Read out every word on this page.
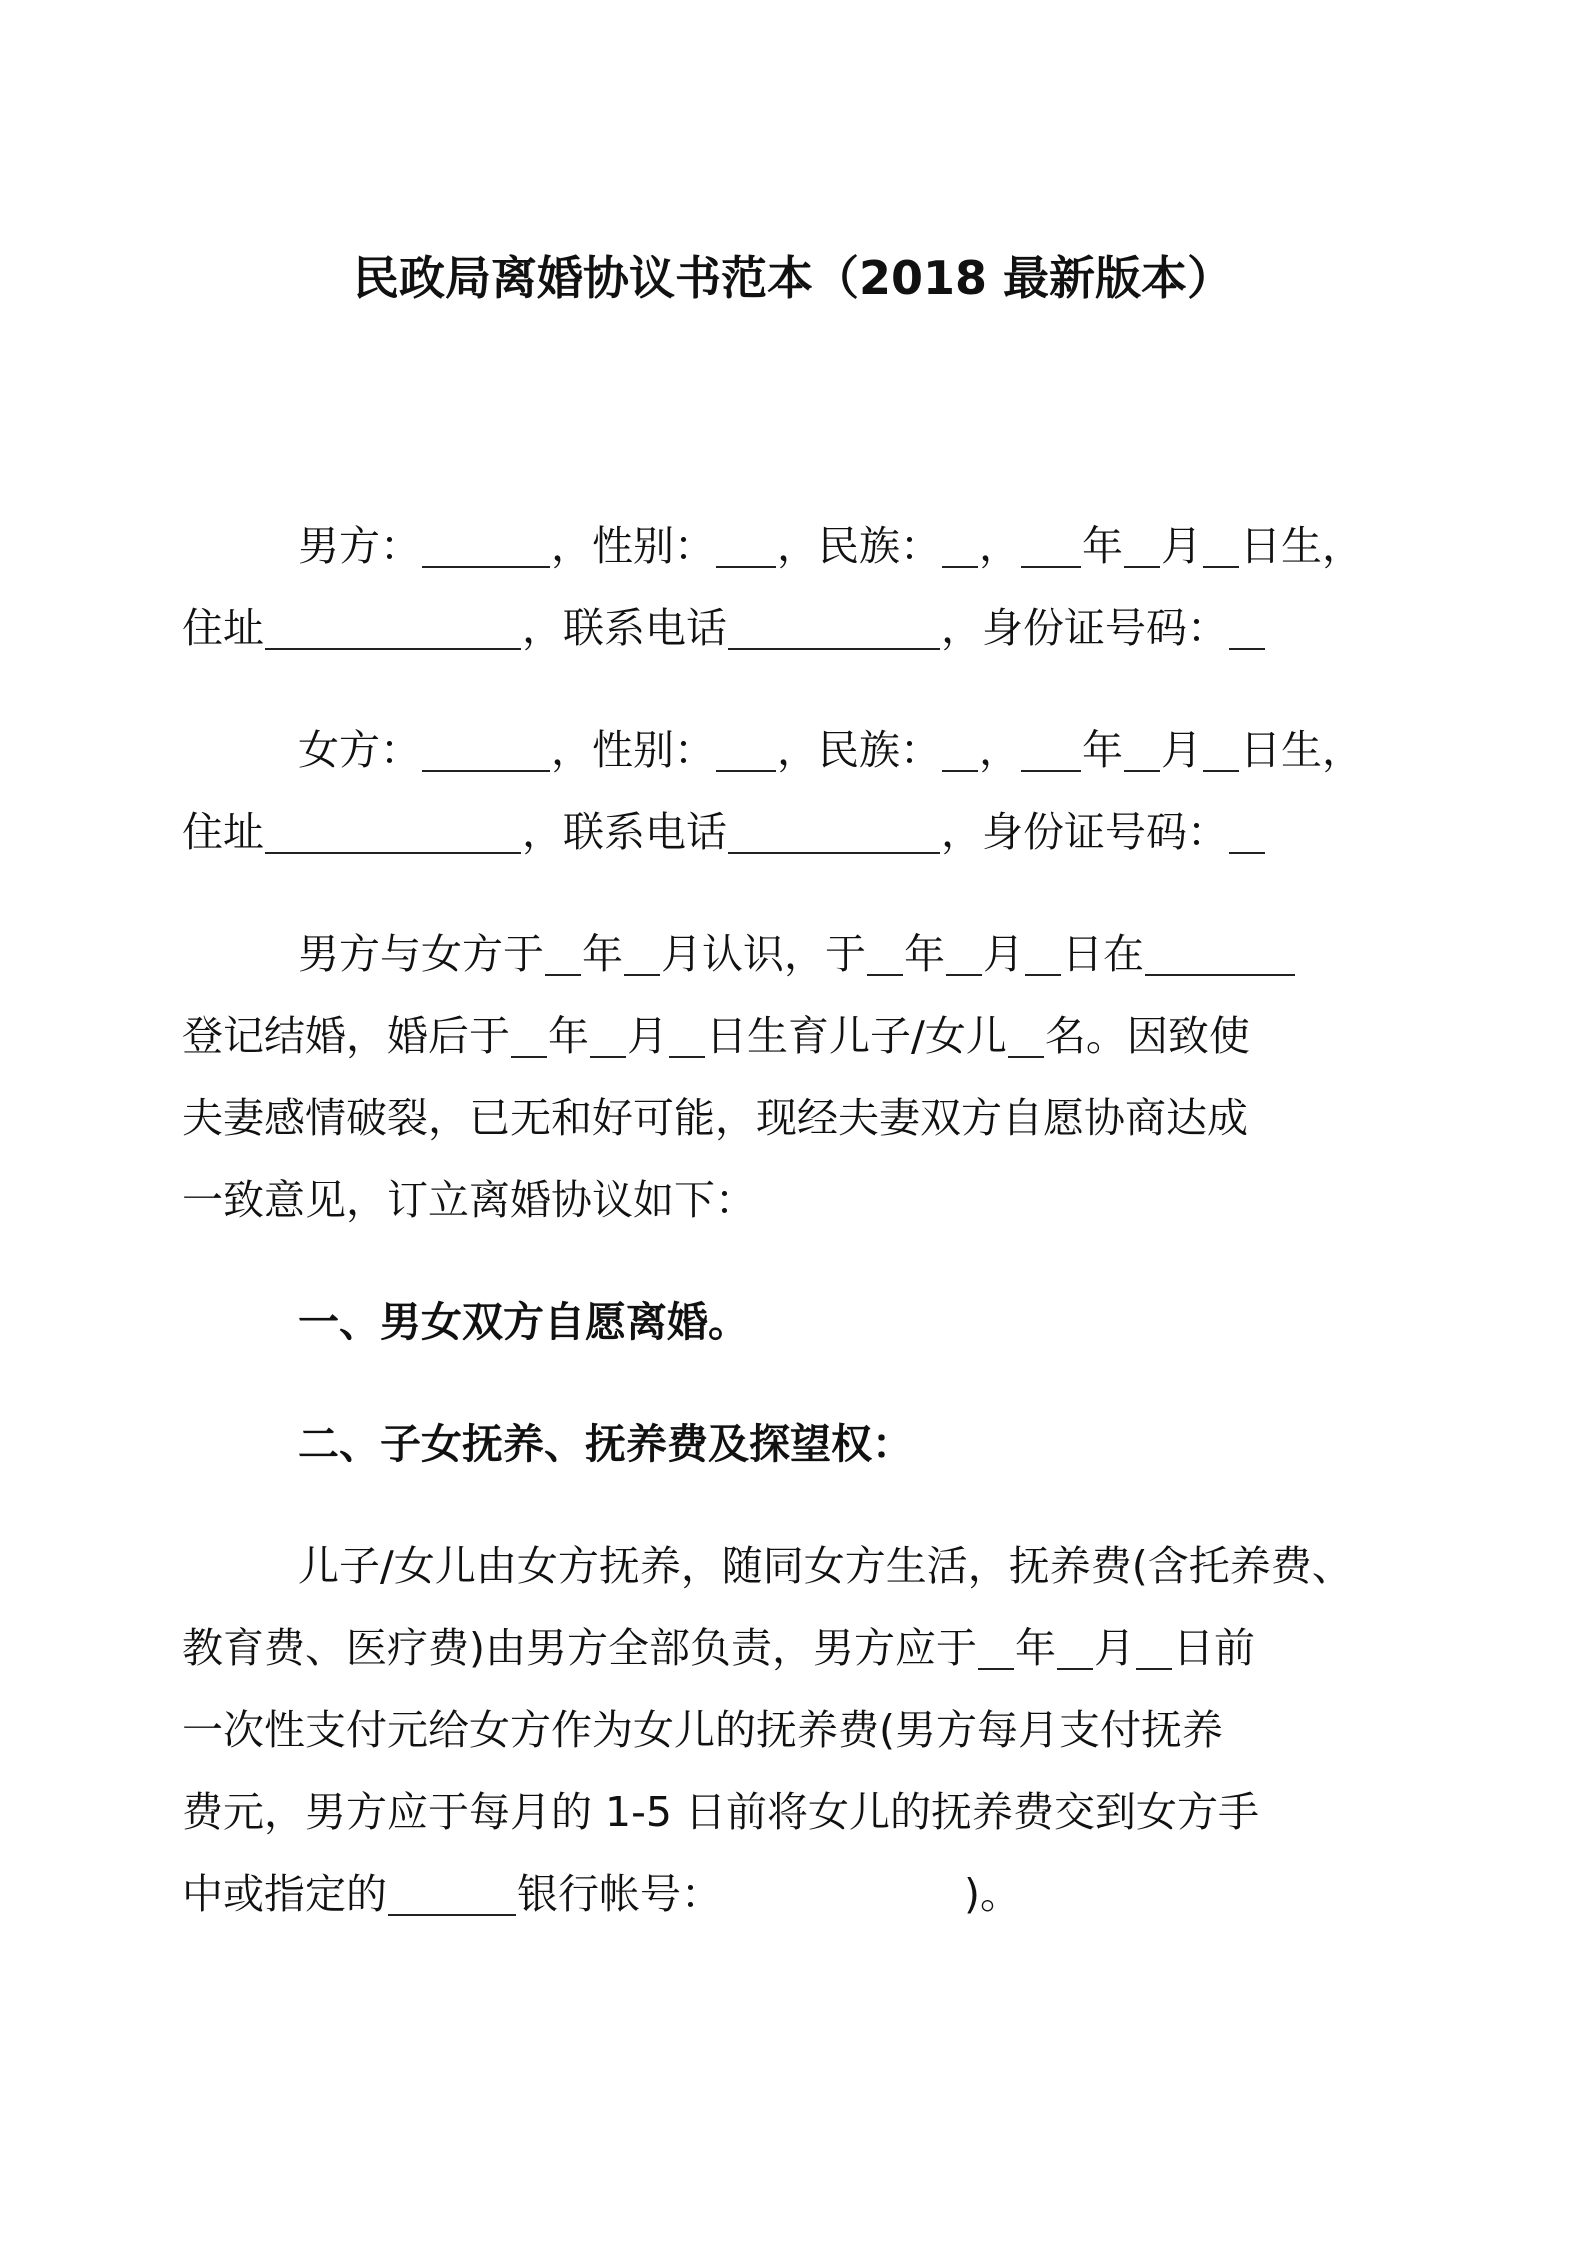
民政局离婚协议书范本（2018 最新版本）

男方：	，性别： ，民族： ， 年 月 日生，
住址	，联系电话	，身份证号码：

女方：	，性别： ，民族： ， 年 月 日生，
住址	，联系电话	，身份证号码：

男方与女方于 年 月认识，于 年 月 日在
登记结婚，婚后于 年 月 日生育儿子/女儿 名。因致使
夫妻感情破裂，已无和好可能，现经夫妻双方自愿协商达成
一致意见，订立离婚协议如下：

一、男女双方自愿离婚。

二、子女抚养、抚养费及探望权：

儿子/女儿由女方抚养，随同女方生活，抚养费(含托养费、
教育费、医疗费)由男方全部负责，男方应于 年 月 日前
一次性支付元给女方作为女儿的抚养费(男方每月支付抚养
费元，男方应于每月的 1-5 日前将女儿的抚养费交到女方手
中或指定的	银行帐号：	)。
